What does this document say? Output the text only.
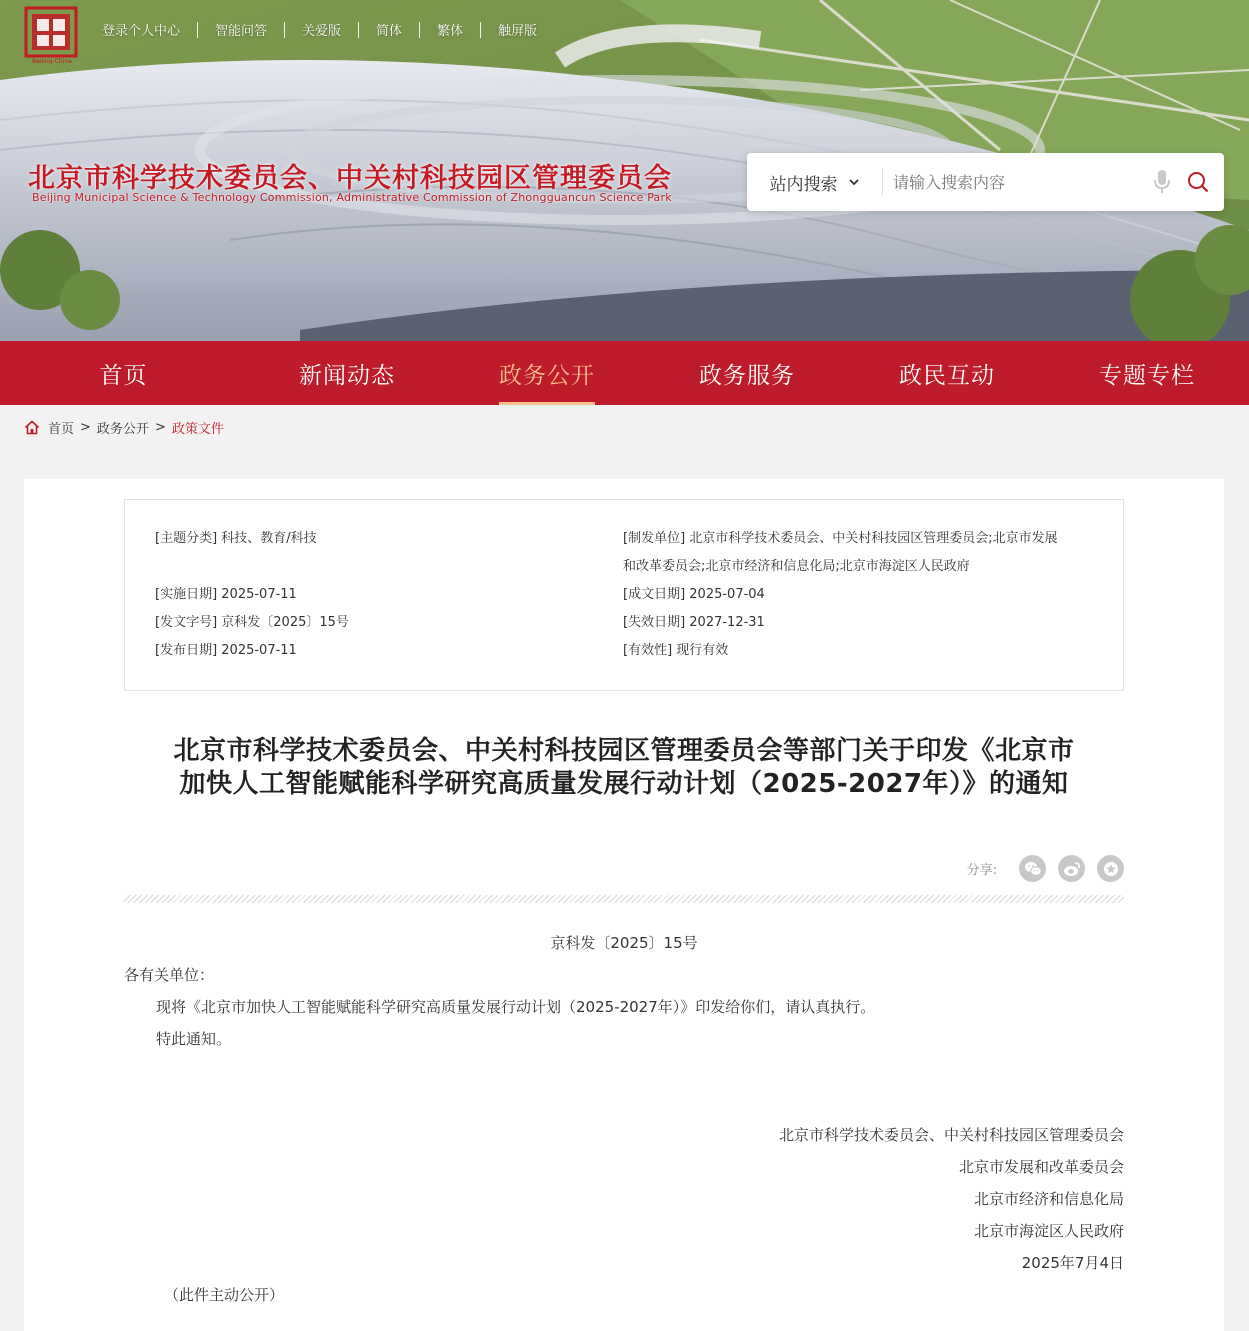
Beijing-China
登录个人中心	智能问答	关爱版	简体	繁体	触屏版
北京市科学技术委员会、中关村科技园区管理委员会
Beijing Municipal Science & Technology Commission, Administrative Commission of Zhongguancun Science Park
站内搜索
请输入搜索内容
首页	新闻动态	政务公开	政务服务	政民互动	专题专栏
首页 > 政务公开 > 政策文件
[主题分类] 科技、教育/科技	[制发单位] 北京市科学技术委员会、中关村科技园区管理委员会;北京市发展
和改革委员会;北京市经济和信息化局;北京市海淀区人民政府
[实施日期] 2025-07-11	[成文日期] 2025-07-04
[发文字号] 京科发〔2025〕15号	[失效日期] 2027-12-31
[发布日期] 2025-07-11	[有效性] 现行有效
北京市科学技术委员会、中关村科技园区管理委员会等部门关于印发《北京市加快人工智能赋能科学研究高质量发展行动计划（2025-2027年）》的通知
分享:
京科发〔2025〕15号
各有关单位：
现将《北京市加快人工智能赋能科学研究高质量发展行动计划（2025-2027年）》印发给你们，请认真执行。
特此通知。
北京市科学技术委员会、中关村科技园区管理委员会
北京市发展和改革委员会
北京市经济和信息化局
北京市海淀区人民政府
2025年7月4日
（此件主动公开）
